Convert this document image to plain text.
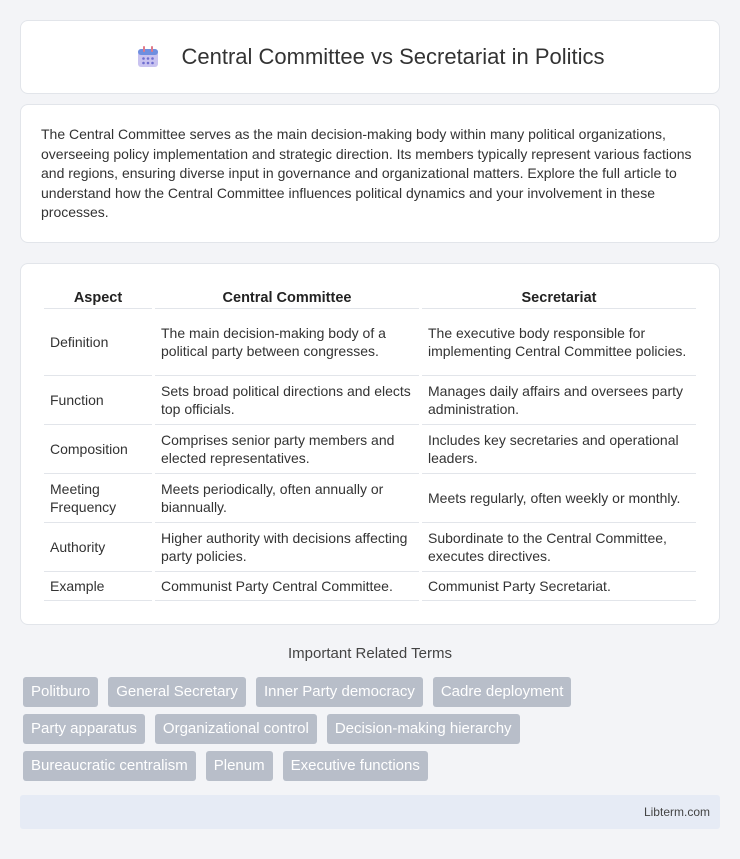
Central Committee vs Secretariat in Politics

The Central Committee serves as the main decision-making body within many political organizations, overseeing policy implementation and strategic direction. Its members typically represent various factions and regions, ensuring diverse input in governance and organizational matters. Explore the full article to understand how the Central Committee influences political dynamics and your involvement in these processes.

Aspect	Central Committee	Secretariat
Definition	The main decision-making body of a political party between congresses.	The executive body responsible for implementing Central Committee policies.
Function	Sets broad political directions and elects top officials.	Manages daily affairs and oversees party administration.
Composition	Comprises senior party members and elected representatives.	Includes key secretaries and operational leaders.
Meeting Frequency	Meets periodically, often annually or biannually.	Meets regularly, often weekly or monthly.
Authority	Higher authority with decisions affecting party policies.	Subordinate to the Central Committee, executes directives.
Example	Communist Party Central Committee.	Communist Party Secretariat.
Important Related Terms
Politburo	General Secretary	Inner Party democracy	Cadre deployment
Party apparatus	Organizational control	Decision-making hierarchy
Bureaucratic centralism	Plenum	Executive functions
Libterm.com
